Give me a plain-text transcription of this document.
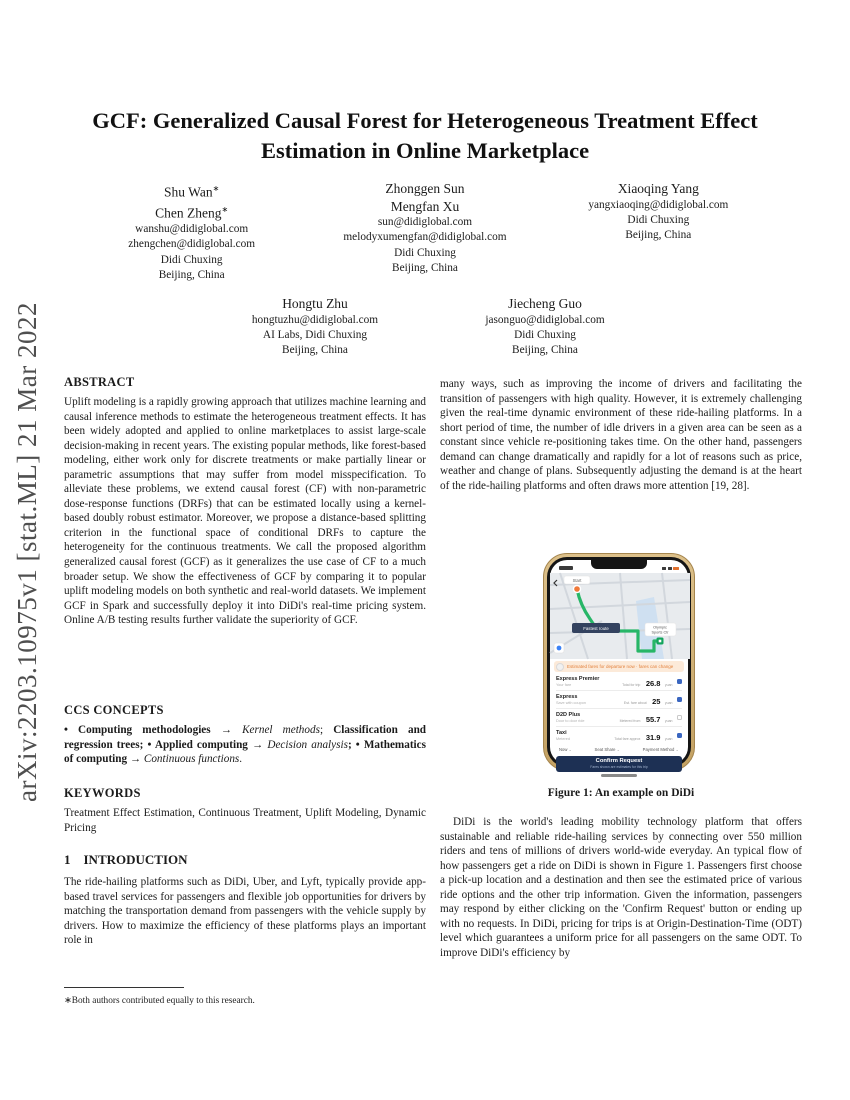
arXiv:2203.10975v1 [stat.ML] 21 Mar 2022
GCF: Generalized Causal Forest for Heterogeneous Treatment Effect Estimation in Online Marketplace
Shu Wan∗
Chen Zheng∗
wanshu@didiglobal.com
zhengchen@didiglobal.com
Didi Chuxing
Beijing, China
Zhonggen Sun
Mengfan Xu
sun@didiglobal.com
melodyxumengfan@didiglobal.com
Didi Chuxing
Beijing, China
Xiaoqing Yang
yangxiaoqing@didiglobal.com
Didi Chuxing
Beijing, China
Hongtu Zhu
hongtuzhu@didiglobal.com
AI Labs, Didi Chuxing
Beijing, China
Jiecheng Guo
jasonguo@didiglobal.com
Didi Chuxing
Beijing, China
ABSTRACT

Uplift modeling is a rapidly growing approach that utilizes machine learning and causal inference methods to estimate the heterogeneous treatment effects. It has been widely adopted and applied to online marketplaces to assist large-scale decision-making in recent years. The existing popular methods, like forest-based modeling, either work only for discrete treatments or make partially linear or parametric assumptions that may suffer from model misspecification. To alleviate these problems, we extend causal forest (CF) with non-parametric dose-response functions (DRFs) that can be estimated locally using a kernel-based doubly robust estimator. Moreover, we propose a distance-based splitting criterion in the functional space of conditional DRFs to capture the heterogeneity for the continuous treatments. We call the proposed algorithm generalized causal forest (GCF) as it generalizes the use case of CF to a much broader setup. We show the effectiveness of GCF by comparing it to popular uplift modeling models on both synthetic and real-world datasets. We implement GCF in Spark and successfully deploy it into DiDi's real-time pricing system. Online A/B testing results further validate the superiority of GCF.

CCS CONCEPTS

• Computing methodologies → Kernel methods; Classification and regression trees; • Applied computing → Decision analysis; • Mathematics of computing → Continuous functions.

KEYWORDS

Treatment Effect Estimation, Continuous Treatment, Uplift Modeling, Dynamic Pricing

1 INTRODUCTION

The ride-hailing platforms such as DiDi, Uber, and Lyft, typically provide app-based travel services for passengers and flexible job opportunities for drivers by matching the transportation demand from passengers with the vehicle supply by drivers. How to maximize the efficiency of these platforms plays an important role in

∗Both authors contributed equally to this research.

many ways, such as improving the income of drivers and facilitating the transition of passengers with high quality. However, it is extremely challenging given the real-time dynamic environment of these ride-hailing platforms. In a short period of time, the number of idle drivers in a given area can be seen as a constant since vehicle re-positioning takes time. On the other hand, passengers demand can change dramatically and rapidly for a lot of reasons such as price, weather and change of plans. Subsequently adjusting the demand is at the heart of the ride-hailing platforms and often draws more attention [19, 28].

Start
Fastest route	Olympic
Sports Ctr
Estimated fares for departure now · fares can change
Express Premier
Your fare	Total for trip 26.8 yuan
Express
Save with coupon	Est. fare about 25 yuan
D2D Plus
Door to door ride	Metered from 55.7 yuan
Taxi
Metered	Total fare approx 31.9 yuan
Now ⌄	Seat Share ⌄	Payment Method ⌄
Confirm Request
Fares shown are estimates for this trip
Figure 1: An example on DiDi

DiDi is the world's leading mobility technology platform that offers sustainable and reliable ride-hailing services by connecting over 550 million riders and tens of millions of drivers world-wide everyday. An typical flow of how passengers get a ride on DiDi is shown in Figure 1. Passengers first choose a pick-up location and a destination and then see the estimated price of various ride options and the other trip information. Given the information, passengers may respond by either clicking on the 'Confirm Request' button or ending up with no requests. In DiDi, pricing for trips is at Origin-Destination-Time (ODT) level which guarantees a uniform price for all passengers on the same ODT. To improve DiDi's efficiency by
